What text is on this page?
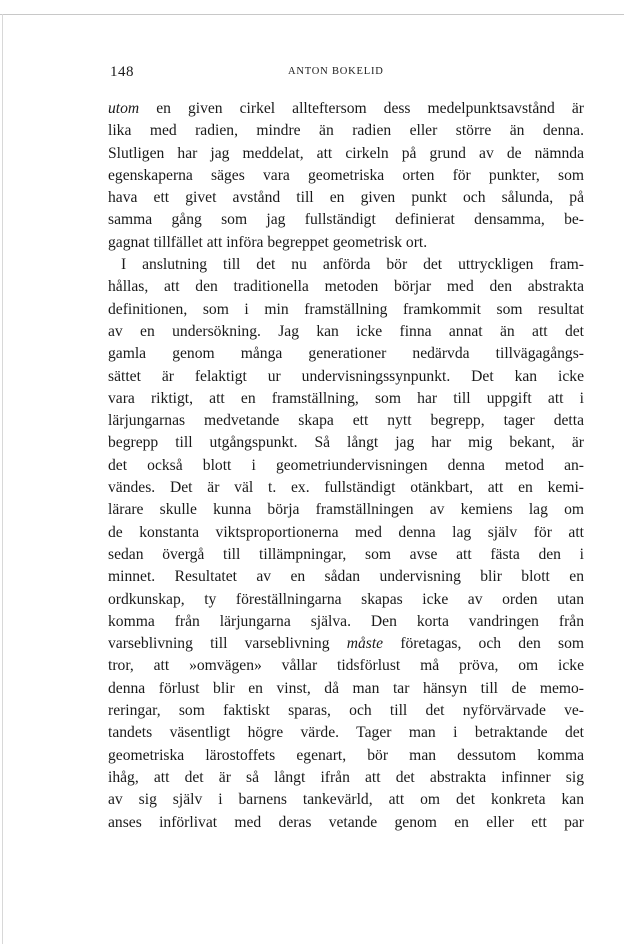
148	ANTON BOKELID
utom en given cirkel allteftersom dess medelpunktsavstånd är
lika med radien, mindre än radien eller större än denna.
Slutligen har jag meddelat, att cirkeln på grund av de nämnda
egenskaperna säges vara geometriska orten för punkter, som
hava ett givet avstånd till en given punkt och sålunda, på
samma gång som jag fullständigt definierat densamma, be-
gagnat tillfället att införa begreppet geometrisk ort.
I anslutning till det nu anförda bör det uttryckligen fram-
hållas, att den traditionella metoden börjar med den abstrakta
definitionen, som i min framställning framkommit som resultat
av en undersökning. Jag kan icke finna annat än att det
gamla genom många generationer nedärvda tillvägagångs-
sättet är felaktigt ur undervisningssynpunkt. Det kan icke
vara riktigt, att en framställning, som har till uppgift att i
lärjungarnas medvetande skapa ett nytt begrepp, tager detta
begrepp till utgångspunkt. Så långt jag har mig bekant, är
det också blott i geometriundervisningen denna metod an-
vändes. Det är väl t. ex. fullständigt otänkbart, att en kemi-
lärare skulle kunna börja framställningen av kemiens lag om
de konstanta viktsproportionerna med denna lag själv för att
sedan övergå till tillämpningar, som avse att fästa den i
minnet. Resultatet av en sådan undervisning blir blott en
ordkunskap, ty föreställningarna skapas icke av orden utan
komma från lärjungarna själva. Den korta vandringen från
varseblivning till varseblivning måste företagas, och den som
tror, att »omvägen» vållar tidsförlust må pröva, om icke
denna förlust blir en vinst, då man tar hänsyn till de memo-
reringar, som faktiskt sparas, och till det nyförvärvade ve-
tandets väsentligt högre värde. Tager man i betraktande det
geometriska lärostoffets egenart, bör man dessutom komma
ihåg, att det är så långt ifrån att det abstrakta infinner sig
av sig själv i barnens tankevärld, att om det konkreta kan
anses införlivat med deras vetande genom en eller ett par
